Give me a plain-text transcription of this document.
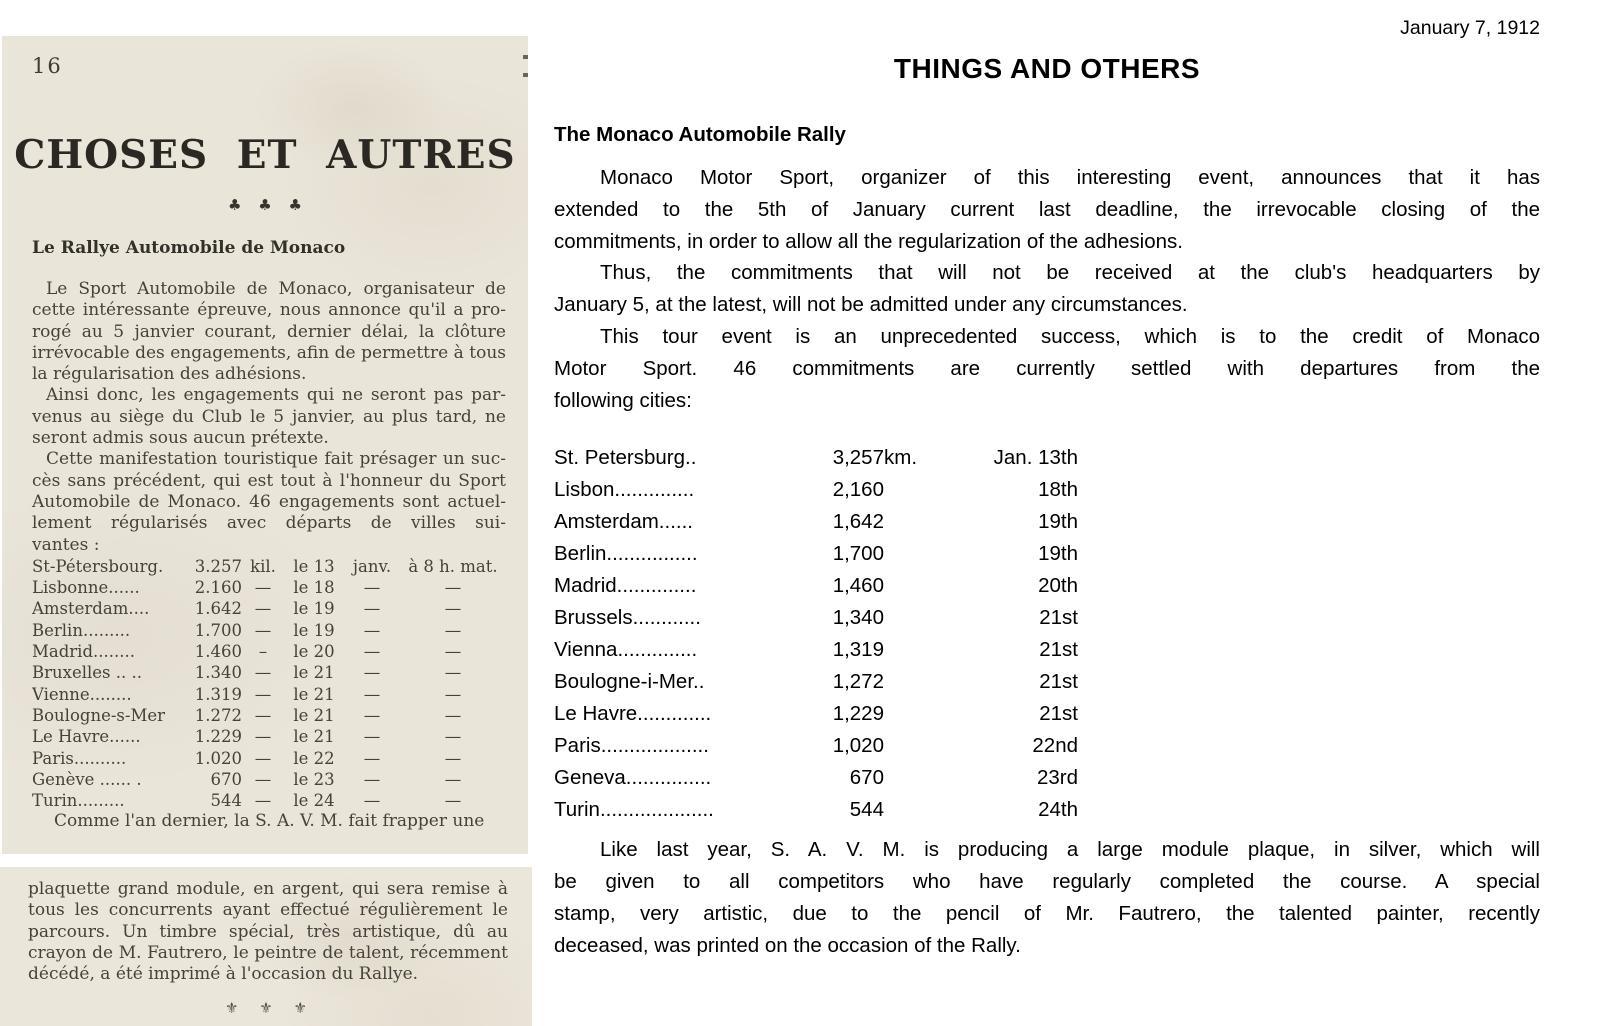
16
CHOSES ET AUTRES
♣ ♣ ♣
Le Rallye Automobile de Monaco
Le Sport Automobile de Monaco, organisateur de
cette intéressante épreuve, nous annonce qu'il a pro-
rogé au 5 janvier courant, dernier délai, la clôture
irrévocable des engagements, afin de permettre à tous
la régularisation des adhésions.
Ainsi donc, les engagements qui ne seront pas par-
venus au siège du Club le 5 janvier, au plus tard, ne
seront admis sous aucun prétexte.
Cette manifestation touristique fait présager un suc-
cès sans précédent, qui est tout à l'honneur du Sport
Automobile de Monaco. 46 engagements sont actuel-
lement régularisés avec départs de villes sui-
vantes :
St-Pétersbourg.	3.257 kil.	le 13	janv.	à 8 h. mat.
Lisbonne......	2.160 —	le 18	—	—
Amsterdam....	1.642 —	le 19	—	—
Berlin.........	1.700 —	le 19	—	—
Madrid........	1.460	–	le 20	—	—
Bruxelles .. ..	1.340 —	le 21	—	—
Vienne........	1.319 —	le 21	—	—
Boulogne-s-Mer	1.272 —	le 21	—	—
Le Havre......	1.229 —	le 21	—	—
Paris..........	1.020 —	le 22	—	—
Genève ...... .	670 —	le 23	—	—
Turin.........	544 —	le 24	—	—
Comme l'an dernier, la S. A. V. M. fait frapper une
plaquette grand module, en argent, qui sera remise à
tous les concurrents ayant effectué régulièrement le
parcours. Un timbre spécial, très artistique, dû au
crayon de M. Fautrero, le peintre de talent, récemment
décédé, a été imprimé à l'occasion du Rallye.
⚜ ⚜ ⚜
January 7, 1912
THINGS AND OTHERS
The Monaco Automobile Rally
Monaco Motor Sport, organizer of this interesting event, announces that it has
extended to the 5th of January current last deadline, the irrevocable closing of the
commitments, in order to allow all the regularization of the adhesions.
Thus, the commitments that will not be received at the club's headquarters by
January 5, at the latest, will not be admitted under any circumstances.
This tour event is an unprecedented success, which is to the credit of Monaco
Motor Sport. 46 commitments are currently settled with departures from the
following cities:
St. Petersburg..	3,257 km.	Jan. 13th
Lisbon..............	2,160	18th
Amsterdam......	1,642	19th
Berlin................	1,700	19th
Madrid..............	1,460	20th
Brussels............	1,340	21st
Vienna..............	1,319	21st
Boulogne-i-Mer..	1,272	21st
Le Havre.............	1,229	21st
Paris...................	1,020	22nd
Geneva...............	670	23rd
Turin....................	544	24th
Like last year, S. A. V. M. is producing a large module plaque, in silver, which will
be given to all competitors who have regularly completed the course. A special
stamp, very artistic, due to the pencil of Mr. Fautrero, the talented painter, recently
deceased, was printed on the occasion of the Rally.
